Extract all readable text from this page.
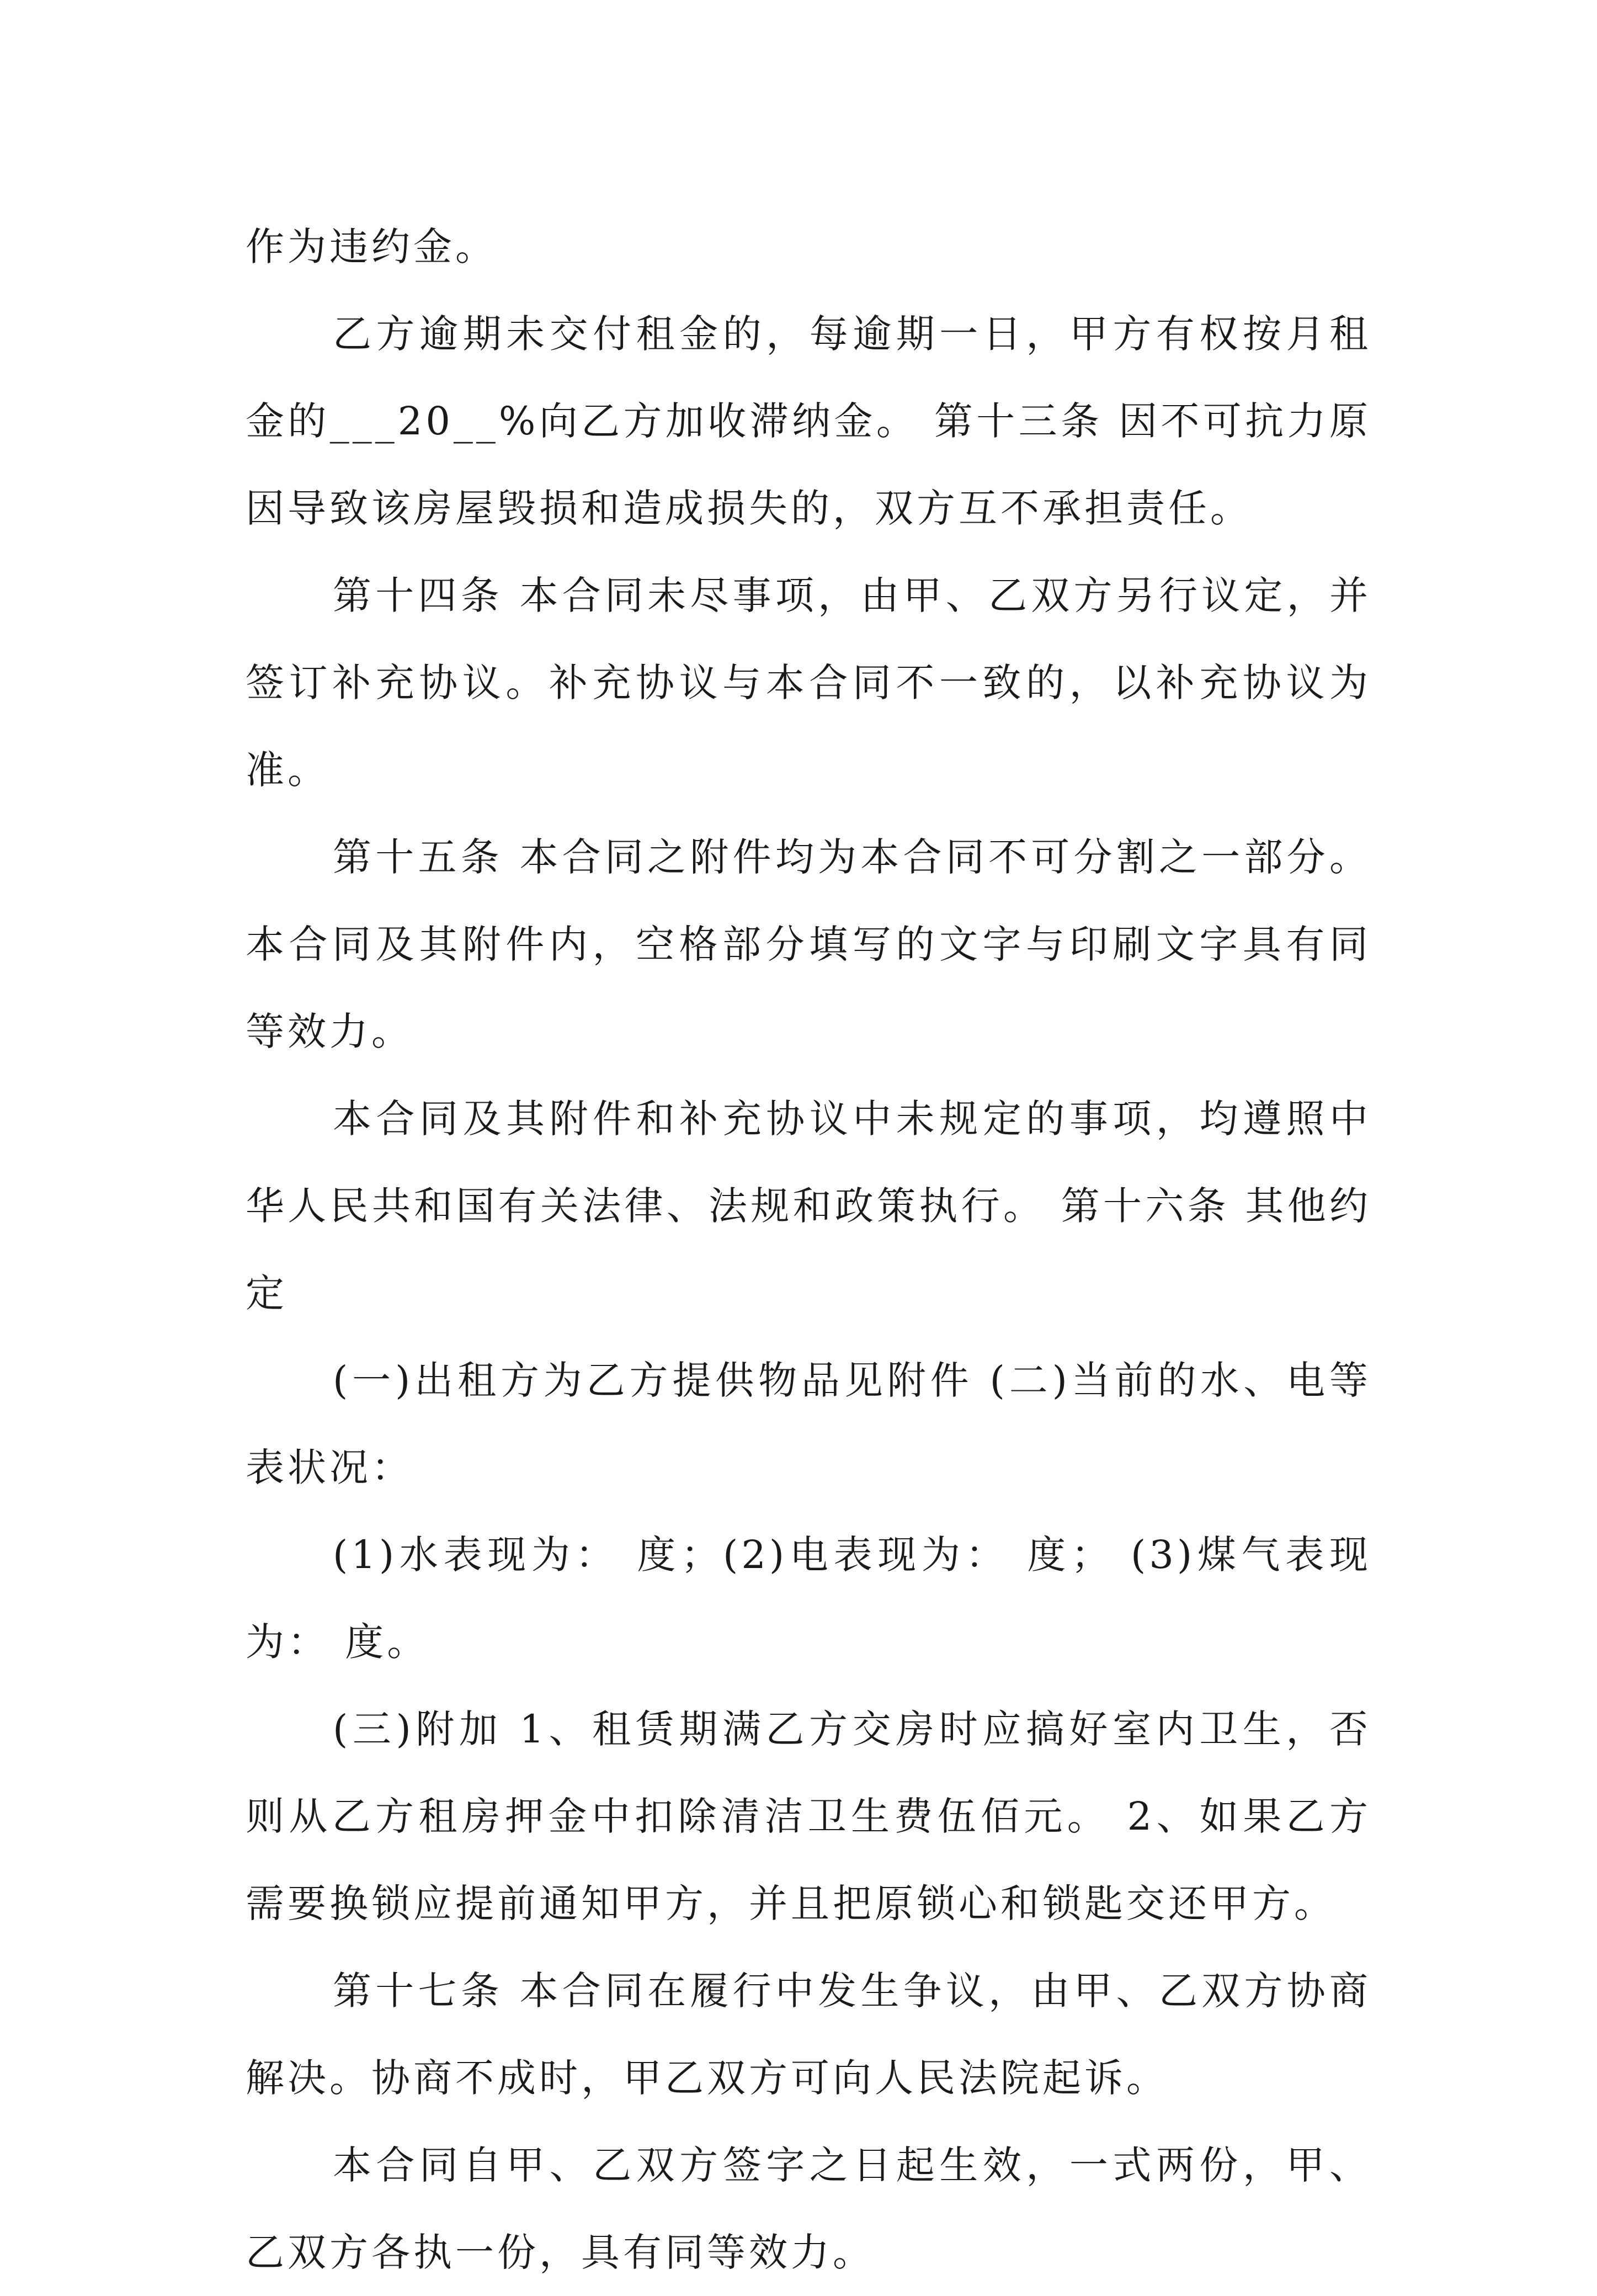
作为违约金。

乙方逾期未交付租金的，每逾期一日，甲方有权按月租金的___20__%向乙方加收滞纳金。 第十三条 因不可抗力原因导致该房屋毁损和造成损失的，双方互不承担责任。

第十四条 本合同未尽事项，由甲、乙双方另行议定，并签订补充协议。补充协议与本合同不一致的，以补充协议为准。

第十五条 本合同之附件均为本合同不可分割之一部分。本合同及其附件内，空格部分填写的文字与印刷文字具有同等效力。

本合同及其附件和补充协议中未规定的事项，均遵照中华人民共和国有关法律、法规和政策执行。 第十六条 其他约定

(一)出租方为乙方提供物品见附件 (二)当前的水、电等表状况：

(1)水表现为： 度；(2)电表现为： 度； (3)煤气表现为： 度。

(三)附加 1、租赁期满乙方交房时应搞好室内卫生，否则从乙方租房押金中扣除清洁卫生费伍佰元。 2、如果乙方需要换锁应提前通知甲方，并且把原锁心和锁匙交还甲方。

第十七条 本合同在履行中发生争议，由甲、乙双方协商解决。协商不成时，甲乙双方可向人民法院起诉。

本合同自甲、乙双方签字之日起生效，一式两份，甲、乙双方各执一份，具有同等效力。
